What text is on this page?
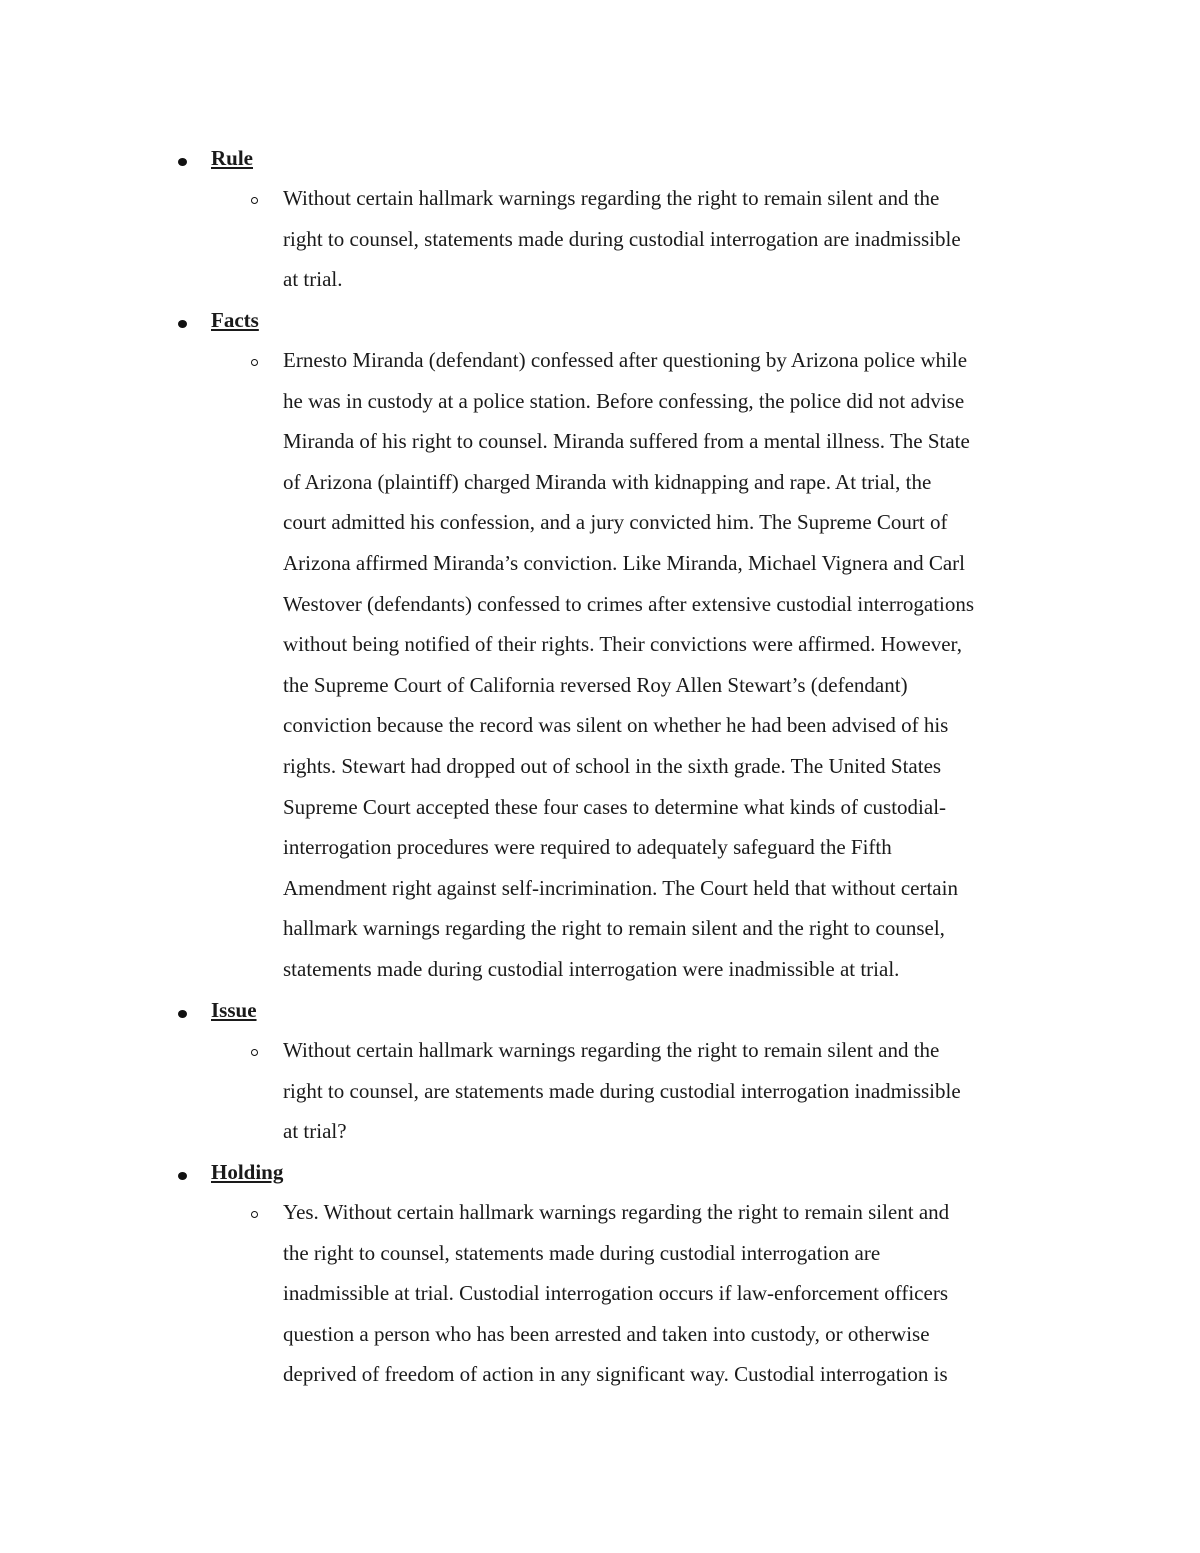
Rule
Without certain hallmark warnings regarding the right to remain silent and the
right to counsel, statements made during custodial interrogation are inadmissible
at trial.
Facts
Ernesto Miranda (defendant) confessed after questioning by Arizona police while
he was in custody at a police station. Before confessing, the police did not advise
Miranda of his right to counsel. Miranda suffered from a mental illness. The State
of Arizona (plaintiff) charged Miranda with kidnapping and rape. At trial, the
court admitted his confession, and a jury convicted him. The Supreme Court of
Arizona affirmed Miranda’s conviction. Like Miranda, Michael Vignera and Carl
Westover (defendants) confessed to crimes after extensive custodial interrogations
without being notified of their rights. Their convictions were affirmed. However,
the Supreme Court of California reversed Roy Allen Stewart’s (defendant)
conviction because the record was silent on whether he had been advised of his
rights. Stewart had dropped out of school in the sixth grade. The United States
Supreme Court accepted these four cases to determine what kinds of custodial-
interrogation procedures were required to adequately safeguard the Fifth
Amendment right against self-incrimination. The Court held that without certain
hallmark warnings regarding the right to remain silent and the right to counsel,
statements made during custodial interrogation were inadmissible at trial.
Issue
Without certain hallmark warnings regarding the right to remain silent and the
right to counsel, are statements made during custodial interrogation inadmissible
at trial?
Holding
Yes. Without certain hallmark warnings regarding the right to remain silent and
the right to counsel, statements made during custodial interrogation are
inadmissible at trial. Custodial interrogation occurs if law-enforcement officers
question a person who has been arrested and taken into custody, or otherwise
deprived of freedom of action in any significant way. Custodial interrogation is
